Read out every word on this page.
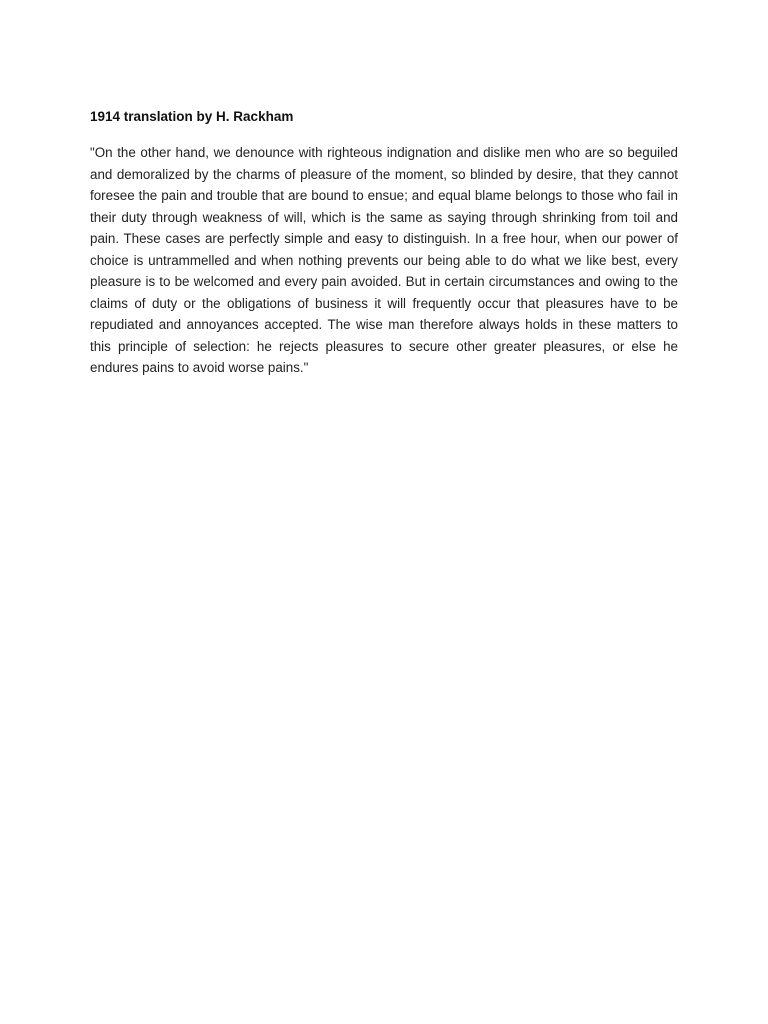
1914 translation by H. Rackham

"On the other hand, we denounce with righteous indignation and dislike men who are so beguiled and demoralized by the charms of pleasure of the moment, so blinded by desire, that they cannot foresee the pain and trouble that are bound to ensue; and equal blame belongs to those who fail in their duty through weakness of will, which is the same as saying through shrinking from toil and pain. These cases are perfectly simple and easy to distinguish. In a free hour, when our power of choice is untrammelled and when nothing prevents our being able to do what we like best, every pleasure is to be welcomed and every pain avoided. But in certain circumstances and owing to the claims of duty or the obligations of business it will frequently occur that pleasures have to be repudiated and annoyances accepted. The wise man therefore always holds in these matters to this principle of selection: he rejects pleasures to secure other greater pleasures, or else he endures pains to avoid worse pains."
